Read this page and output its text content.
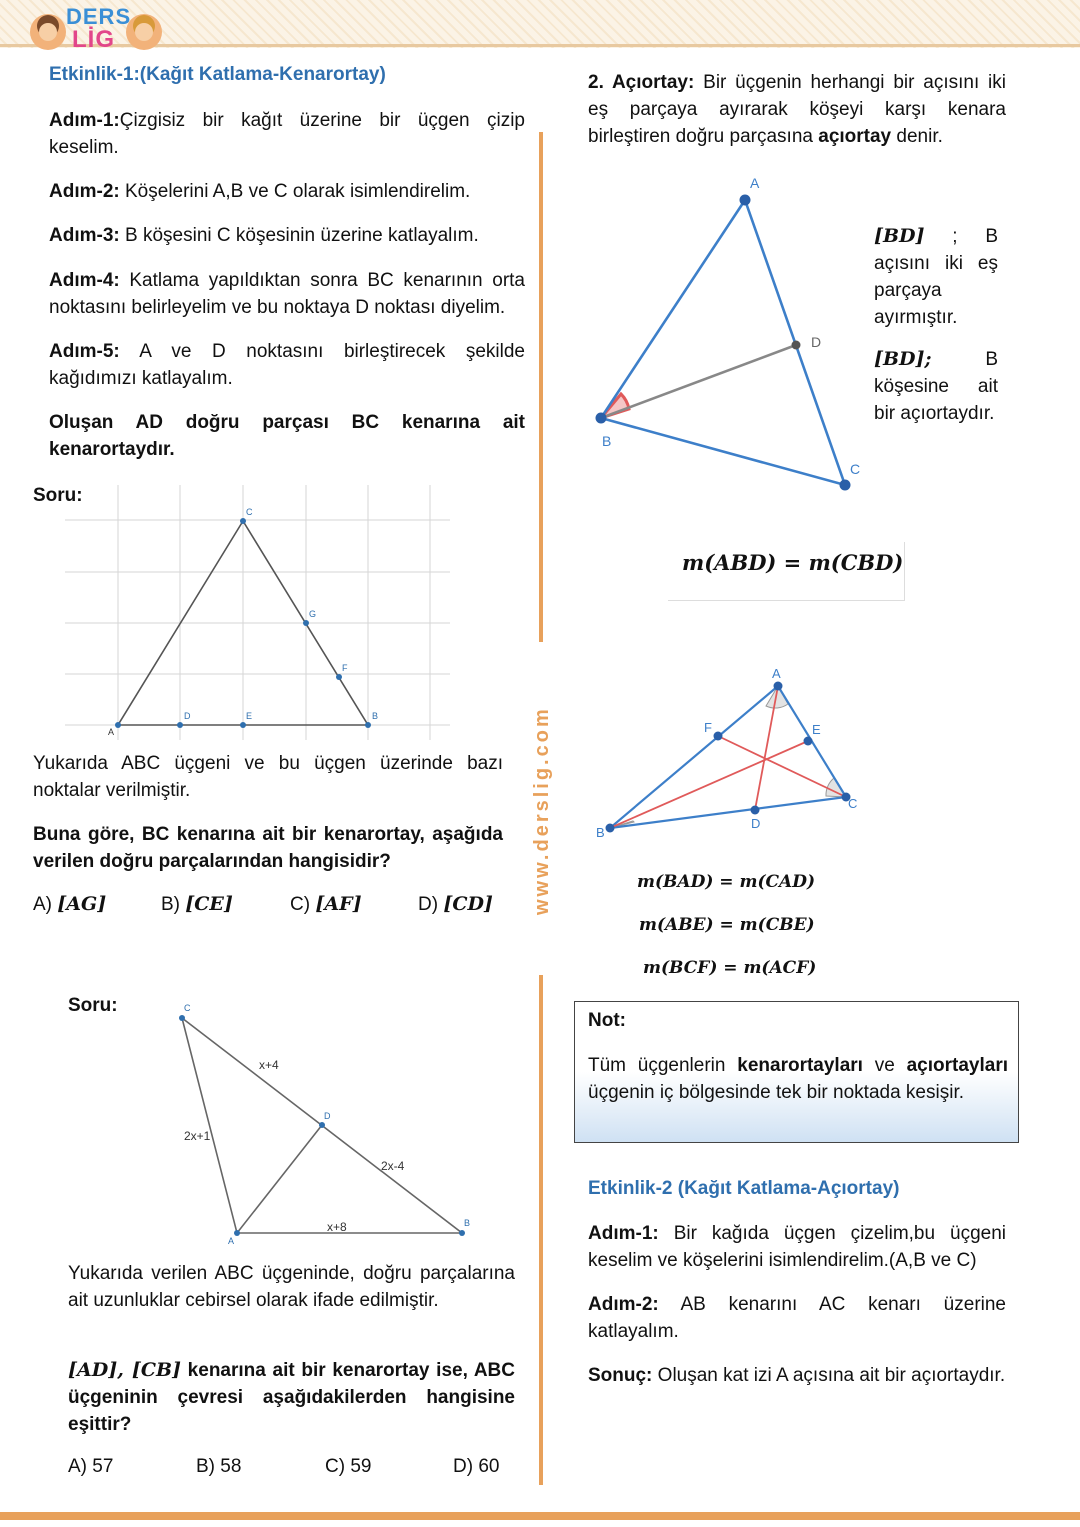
DERS
LİG
Etkinlik-1:(Kağıt Katlama-Kenarortay)
Adım-1:Çizgisiz bir kağıt üzerine bir üçgen çizip keselim.
Adım-2: Köşelerini A,B ve C olarak isimlendirelim.
Adım-3: B köşesini C köşesinin üzerine katlayalım.
Adım-4: Katlama yapıldıktan sonra BC kenarının orta noktasını belirleyelim ve bu noktaya D noktası diyelim.
Adım-5: A ve D noktasını birleştirecek şekilde kağıdımızı katlayalım.
Oluşan AD doğru parçası BC kenarına ait kenarortaydır.
Soru:
A
C
D	E	B
G
F
Yukarıda ABC üçgeni ve bu üçgen üzerinde bazı noktalar verilmiştir.
Buna göre, BC kenarına ait bir kenarortay, aşağıda verilen doğru parçalarından hangisidir?
A) [AG]	B) [CE]	C) [AF]	D) [CD] www.derslig.com
Soru:	C
A
B
D
x+4
2x+1
2x-4
x+8
Yukarıda verilen ABC üçgeninde, doğru parçalarına ait uzunluklar cebirsel olarak ifade edilmiştir.
[AD], [CB] kenarına ait bir kenarortay ise, ABC üçgeninin çevresi aşağıdakilerden hangisine eşittir?
A) 57	B) 58	C) 59	D) 60
2. Açıortay: Bir üçgenin herhangi bir açısını iki eş parçaya ayırarak köşeyi karşı kenara birleştiren doğru parçasına açıortay denir.
A
B
C
D
[BD] ; B açısını iki eş parçaya ayırmıştır.
[BD]; B köşesine ait bir açıortaydır.
m(ABD) = m(CBD)
A
B
C
D
E
F
m(BAD) = m(CAD)
m(ABE) = m(CBE)
m(BCF) = m(ACF)
Not:
Tüm üçgenlerin kenarortayları ve açıortayları üçgenin iç bölgesinde tek bir noktada kesişir.
Etkinlik-2 (Kağıt Katlama-Açıortay)
Adım-1: Bir kağıda üçgen çizelim,bu üçgeni keselim ve köşelerini isimlendirelim.(A,B ve C)
Adım-2: AB kenarını AC kenarı üzerine katlayalım.
Sonuç: Oluşan kat izi A açısına ait bir açıortaydır.
